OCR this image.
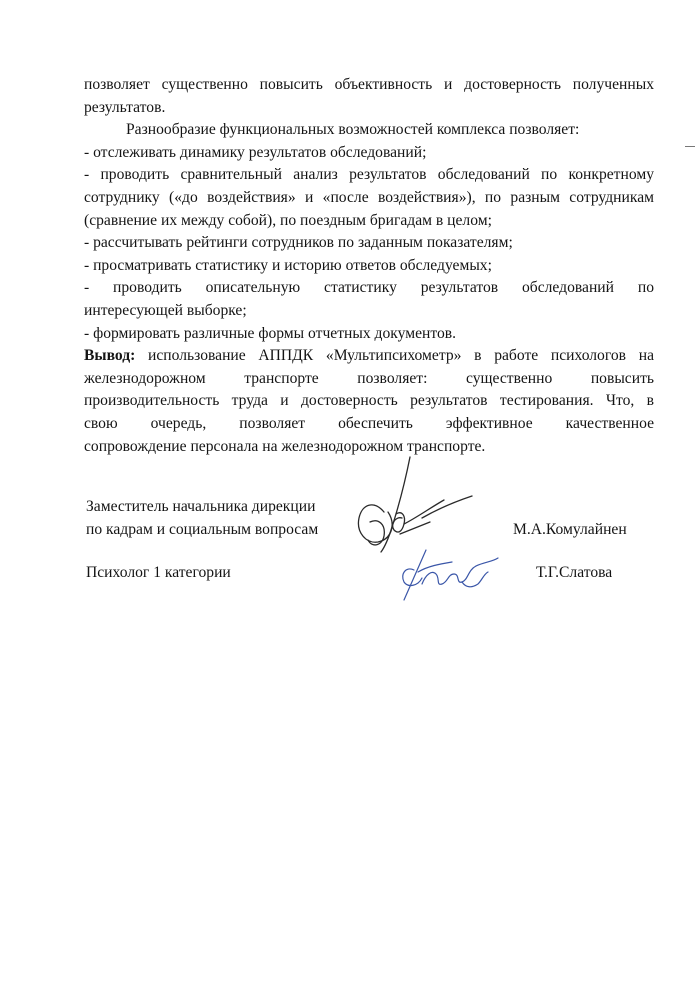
позволяет существенно повысить объективность и достоверность полученных

результатов.

Разнообразие функциональных возможностей комплекса позволяет:

- отслеживать динамику результатов обследований;

- проводить сравнительный анализ результатов обследований по конкретному

сотруднику («до воздействия» и «после воздействия»), по разным сотрудникам

(сравнение их между собой), по поездным бригадам в целом;

- рассчитывать рейтинги сотрудников по заданным показателям;

- просматривать статистику и историю ответов обследуемых;

- проводить описательную статистику результатов обследований по

интересующей выборке;

- формировать различные формы отчетных документов.

Вывод: использование АППДК «Мультипсихометр» в работе психологов на

железнодорожном транспорте позволяет: существенно повысить

производительность труда и достоверность результатов тестирования. Что, в

свою очередь, позволяет обеспечить эффективное качественное

сопровождение персонала на железнодорожном транспорте.

Заместитель начальника дирекции
по кадрам и социальным вопросам	М.А.Комулайнен
Психолог 1 категории	Т.Г.Слатова
